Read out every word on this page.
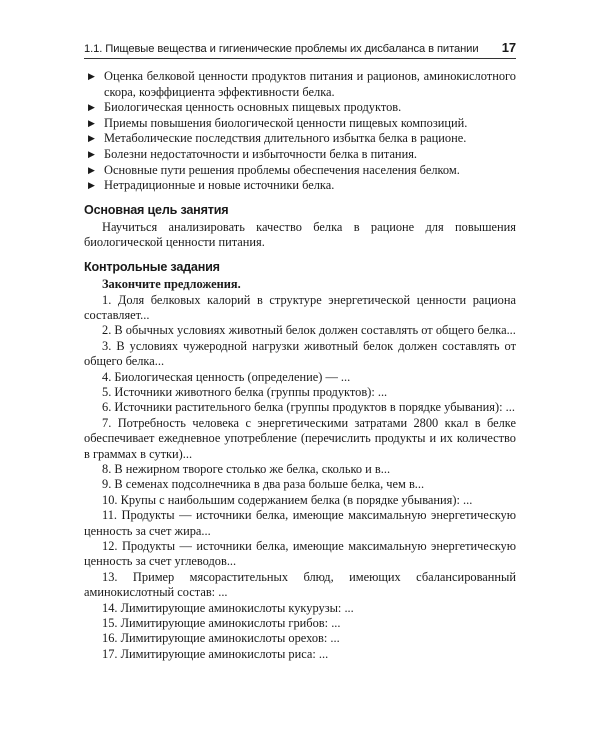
1.1. Пищевые вещества и гигиенические проблемы их дисбаланса в питании 17
▶ Оценка белковой ценности продуктов питания и рационов, аминокислотного скора, коэффициента эффективности белка.
▶ Биологическая ценность основных пищевых продуктов.
▶ Приемы повышения биологической ценности пищевых композиций.
▶ Метаболические последствия длительного избытка белка в рационе.
▶ Болезни недостаточности и избыточности белка в питания.
▶ Основные пути решения проблемы обеспечения населения белком.
▶ Нетрадиционные и новые источники белка.
Основная цель занятия

Научиться анализировать качество белка в рационе для повышения биологической ценности питания.

Контрольные задания

Закончите предложения.

1. Доля белковых калорий в структуре энергетической ценности рациона составляет...
2. В обычных условиях животный белок должен составлять от общего белка...
3. В условиях чужеродной нагрузки животный белок должен составлять от общего белка...
4. Биологическая ценность (определение) — ...
5. Источники животного белка (группы продуктов): ...
6. Источники растительного белка (группы продуктов в порядке убывания): ...
7. Потребность человека с энергетическими затратами 2800 ккал в белке обеспечивает ежедневное употребление (перечислить продукты и их количество в граммах в сутки)...
8. В нежирном твороге столько же белка, сколько и в...
9. В семенах подсолнечника в два раза больше белка, чем в...
10. Крупы с наибольшим содержанием белка (в порядке убывания): ...
11. Продукты — источники белка, имеющие максимальную энергетическую ценность за счет жира...
12. Продукты — источники белка, имеющие максимальную энергетическую ценность за счет углеводов...
13. Пример мясорастительных блюд, имеющих сбалансированный аминокислотный состав: ...
14. Лимитирующие аминокислоты кукурузы: ...
15. Лимитирующие аминокислоты грибов: ...
16. Лимитирующие аминокислоты орехов: ...
17. Лимитирующие аминокислоты риса: ...
